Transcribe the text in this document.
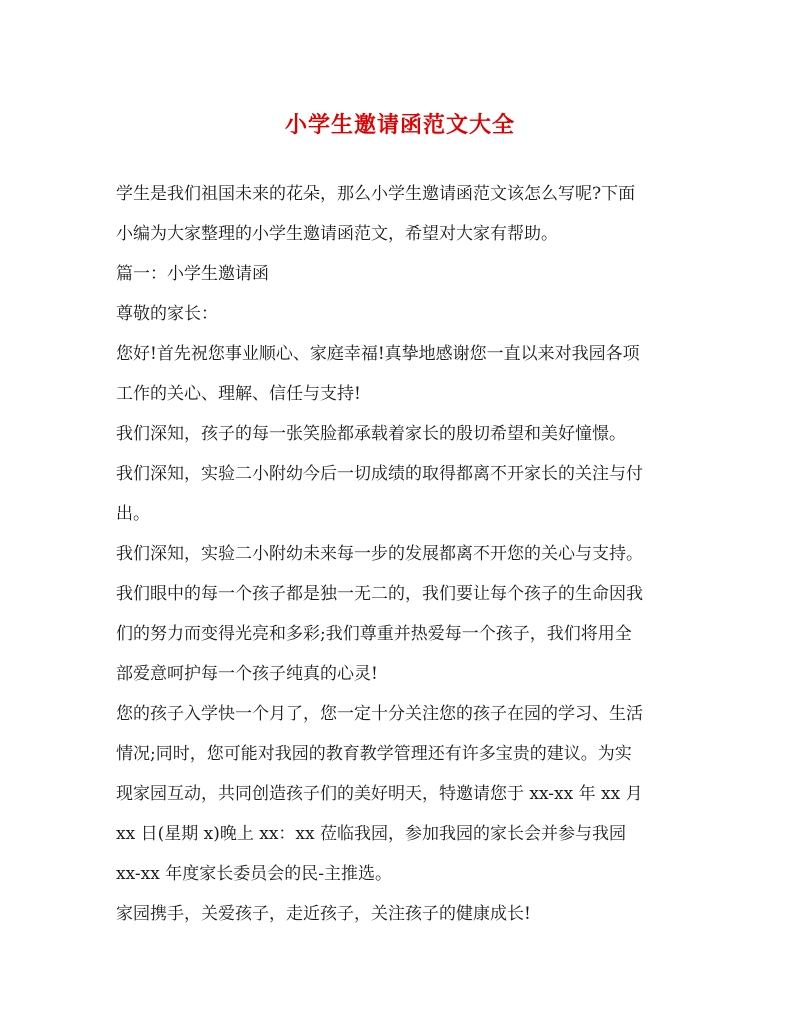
小学生邀请函范文大全
学生是我们祖国未来的花朵，那么小学生邀请函范文该怎么写呢?下面
小编为大家整理的小学生邀请函范文，希望对大家有帮助。
篇一：小学生邀请函
尊敬的家长：
您好!首先祝您事业顺心、家庭幸福!真挚地感谢您一直以来对我园各项
工作的关心、理解、信任与支持!
我们深知，孩子的每一张笑脸都承载着家长的殷切希望和美好憧憬。
我们深知，实验二小附幼今后一切成绩的取得都离不开家长的关注与付
出。
我们深知，实验二小附幼未来每一步的发展都离不开您的关心与支持。
我们眼中的每一个孩子都是独一无二的，我们要让每个孩子的生命因我
们的努力而变得光亮和多彩;我们尊重并热爱每一个孩子，我们将用全
部爱意呵护每一个孩子纯真的心灵!
您的孩子入学快一个月了，您一定十分关注您的孩子在园的学习、生活
情况;同时，您可能对我园的教育教学管理还有许多宝贵的建议。为实
现家园互动，共同创造孩子们的美好明天，特邀请您于 xx-xx 年 xx 月
xx 日(星期 x)晚上 xx：xx 莅临我园，参加我园的家长会并参与我园
xx-xx 年度家长委员会的民-主推选。
家园携手，关爱孩子，走近孩子，关注孩子的健康成长!
